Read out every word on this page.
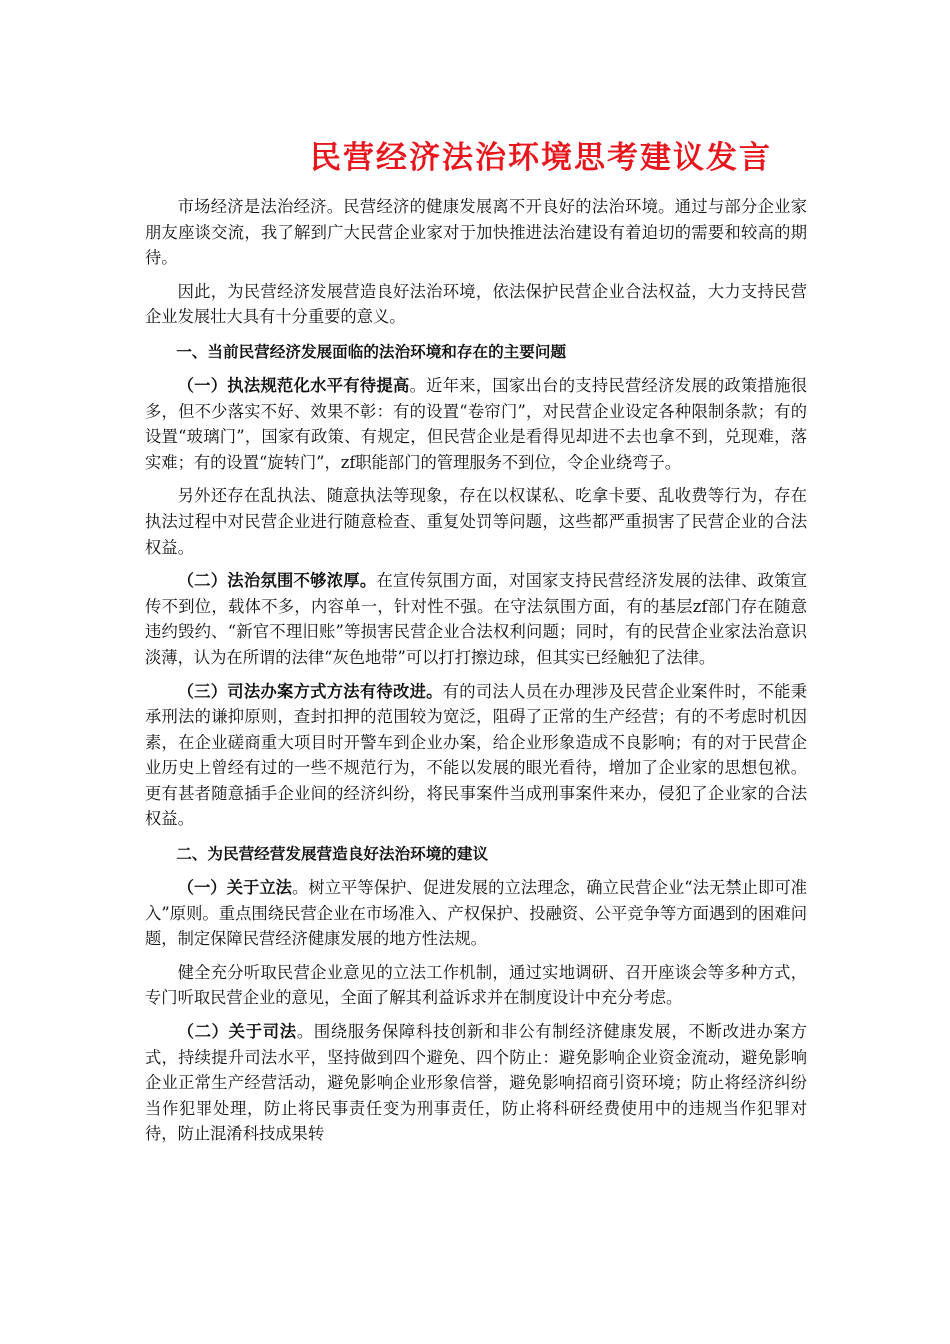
民营经济法治环境思考建议发言

市场经济是法治经济。民营经济的健康发展离不开良好的法治环境。通过与部分企业家朋友座谈交流，我了解到广大民营企业家对于加快推进法治建设有着迫切的需要和较高的期待。

因此，为民营经济发展营造良好法治环境，依法保护民营企业合法权益，大力支持民营企业发展壮大具有十分重要的意义。

一、当前民营经济发展面临的法治环境和存在的主要问题

（一）执法规范化水平有待提高。近年来，国家出台的支持民营经济发展的政策措施很多，但不少落实不好、效果不彰：有的设置“卷帘门”，对民营企业设定各种限制条款；有的设置“玻璃门”，国家有政策、有规定，但民营企业是看得见却进不去也拿不到，兑现难，落实难；有的设置“旋转门”，zf职能部门的管理服务不到位，令企业绕弯子。

另外还存在乱执法、随意执法等现象，存在以权谋私、吃拿卡要、乱收费等行为，存在执法过程中对民营企业进行随意检查、重复处罚等问题，这些都严重损害了民营企业的合法权益。

（二）法治氛围不够浓厚。在宣传氛围方面，对国家支持民营经济发展的法律、政策宣传不到位，载体不多，内容单一，针对性不强。在守法氛围方面，有的基层zf部门存在随意违约毁约、“新官不理旧账”等损害民营企业合法权利问题；同时，有的民营企业家法治意识淡薄，认为在所谓的法律“灰色地带”可以打打擦边球，但其实已经触犯了法律。

（三）司法办案方式方法有待改进。有的司法人员在办理涉及民营企业案件时，不能秉承刑法的谦抑原则，查封扣押的范围较为宽泛，阻碍了正常的生产经营；有的不考虑时机因素，在企业磋商重大项目时开警车到企业办案，给企业形象造成不良影响；有的对于民营企业历史上曾经有过的一些不规范行为，不能以发展的眼光看待，增加了企业家的思想包袱。更有甚者随意插手企业间的经济纠纷，将民事案件当成刑事案件来办，侵犯了企业家的合法权益。

二、为民营经营发展营造良好法治环境的建议

（一）关于立法。树立平等保护、促进发展的立法理念，确立民营企业“法无禁止即可准入”原则。重点围绕民营企业在市场准入、产权保护、投融资、公平竞争等方面遇到的困难问题，制定保障民营经济健康发展的地方性法规。

健全充分听取民营企业意见的立法工作机制，通过实地调研、召开座谈会等多种方式，专门听取民营企业的意见，全面了解其利益诉求并在制度设计中充分考虑。

（二）关于司法。围绕服务保障科技创新和非公有制经济健康发展，不断改进办案方式，持续提升司法水平，坚持做到四个避免、四个防止：避免影响企业资金流动，避免影响企业正常生产经营活动，避免影响企业形象信誉，避免影响招商引资环境；防止将经济纠纷当作犯罪处理，防止将民事责任变为刑事责任，防止将科研经费使用中的违规当作犯罪对待，防止混淆科技成果转
